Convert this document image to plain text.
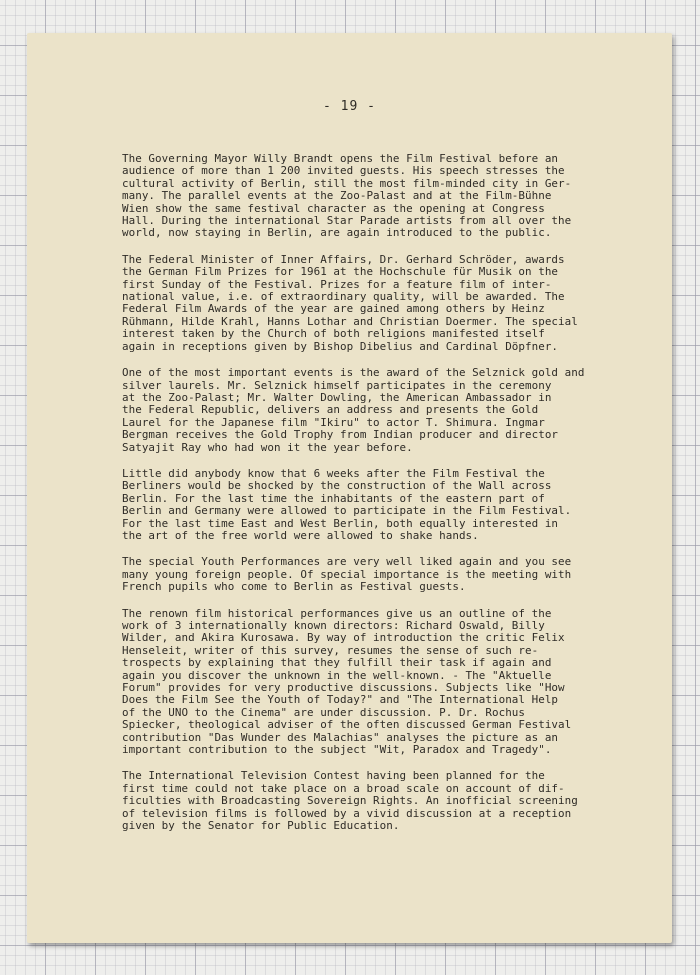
- 19 -
The Governing Mayor Willy Brandt opens the Film Festival before an
audience of more than 1 200 invited guests. His speech stresses the
cultural activity of Berlin, still the most film-minded city in Ger-
many. The parallel events at the Zoo-Palast and at the Film-Bühne
Wien show the same festival character as the opening at Congress
Hall. During the international Star Parade artists from all over the
world, now staying in Berlin, are again introduced to the public.
The Federal Minister of Inner Affairs, Dr. Gerhard Schröder, awards
the German Film Prizes for 1961 at the Hochschule für Musik on the
first Sunday of the Festival. Prizes for a feature film of inter-
national value, i.e. of extraordinary quality, will be awarded. The
Federal Film Awards of the year are gained among others by Heinz
Rühmann, Hilde Krahl, Hanns Lothar and Christian Doermer. The special
interest taken by the Church of both religions manifested itself
again in receptions given by Bishop Dibelius and Cardinal Döpfner.
One of the most important events is the award of the Selznick gold and
silver laurels. Mr. Selznick himself participates in the ceremony
at the Zoo-Palast; Mr. Walter Dowling, the American Ambassador in
the Federal Republic, delivers an address and presents the Gold
Laurel for the Japanese film "Ikiru" to actor T. Shimura. Ingmar
Bergman receives the Gold Trophy from Indian producer and director
Satyajit Ray who had won it the year before.
Little did anybody know that 6 weeks after the Film Festival the
Berliners would be shocked by the construction of the Wall across
Berlin. For the last time the inhabitants of the eastern part of
Berlin and Germany were allowed to participate in the Film Festival.
For the last time East and West Berlin, both equally interested in
the art of the free world were allowed to shake hands.
The special Youth Performances are very well liked again and you see
many young foreign people. Of special importance is the meeting with
French pupils who come to Berlin as Festival guests.
The renown film historical performances give us an outline of the
work of 3 internationally known directors: Richard Oswald, Billy
Wilder, and Akira Kurosawa. By way of introduction the critic Felix
Henseleit, writer of this survey, resumes the sense of such re-
trospects by explaining that they fulfill their task if again and
again you discover the unknown in the well-known. - The "Aktuelle
Forum" provides for very productive discussions. Subjects like "How
Does the Film See the Youth of Today?" and "The International Help
of the UNO to the Cinema" are under discussion. P. Dr. Rochus
Spiecker, theological adviser of the often discussed German Festival
contribution "Das Wunder des Malachias" analyses the picture as an
important contribution to the subject "Wit, Paradox and Tragedy".
The International Television Contest having been planned for the
first time could not take place on a broad scale on account of dif-
ficulties with Broadcasting Sovereign Rights. An inofficial screening
of television films is followed by a vivid discussion at a reception
given by the Senator for Public Education.
